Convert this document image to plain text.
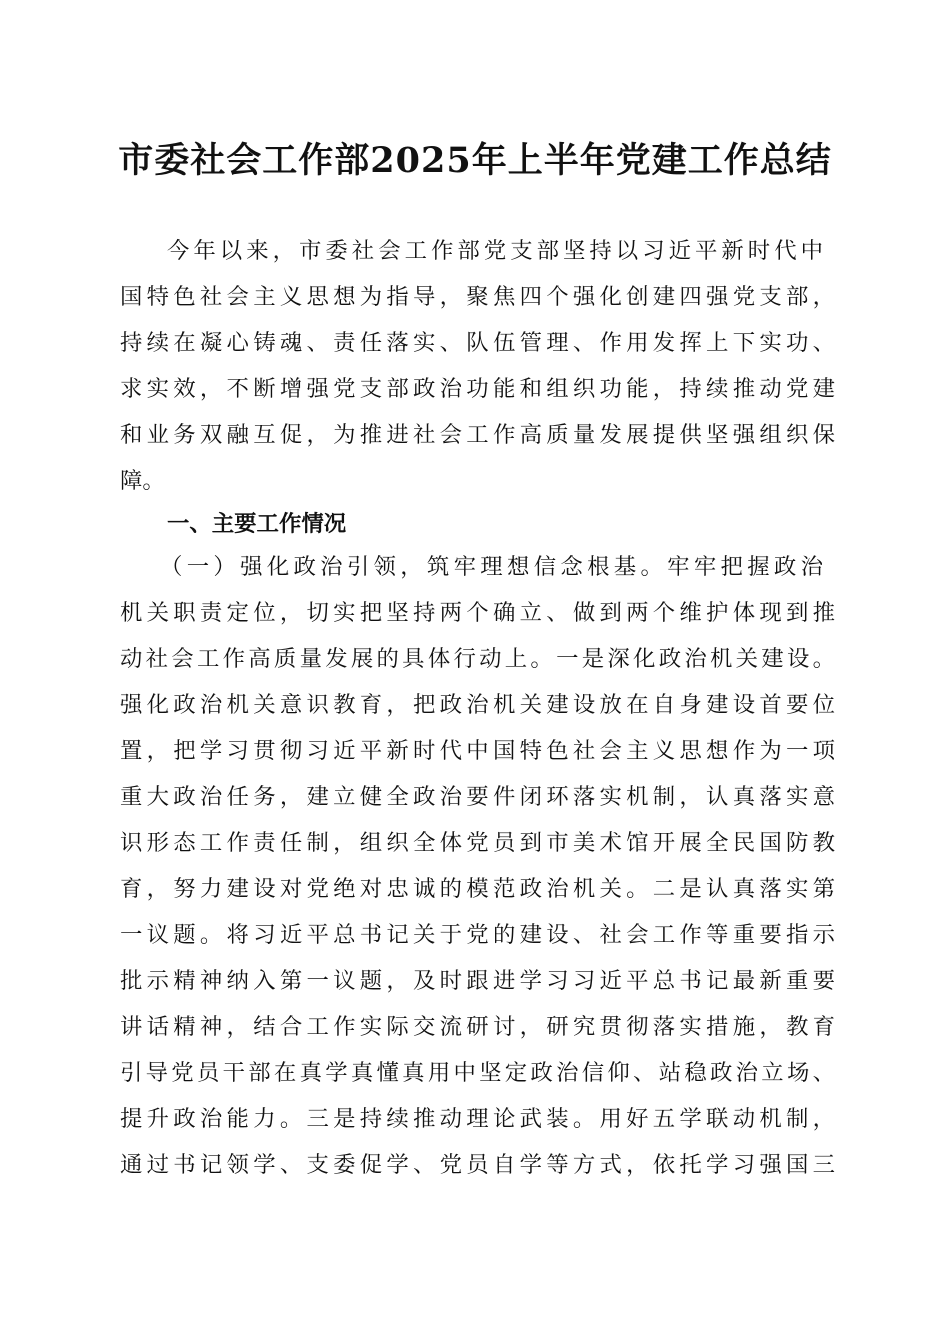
市委社会工作部2025年上半年党建工作总结

今年以来，市委社会工作部党支部坚持以习近平新时代中

国特色社会主义思想为指导，聚焦四个强化创建四强党支部，

持续在凝心铸魂、责任落实、队伍管理、作用发挥上下实功、

求实效，不断增强党支部政治功能和组织功能，持续推动党建

和业务双融互促，为推进社会工作高质量发展提供坚强组织保

障。

一、主要工作情况

（一）强化政治引领，筑牢理想信念根基。牢牢把握政治

机关职责定位，切实把坚持两个确立、做到两个维护体现到推

动社会工作高质量发展的具体行动上。一是深化政治机关建设。

强化政治机关意识教育，把政治机关建设放在自身建设首要位

置，把学习贯彻习近平新时代中国特色社会主义思想作为一项

重大政治任务，建立健全政治要件闭环落实机制，认真落实意

识形态工作责任制，组织全体党员到市美术馆开展全民国防教

育，努力建设对党绝对忠诚的模范政治机关。二是认真落实第

一议题。将习近平总书记关于党的建设、社会工作等重要指示

批示精神纳入第一议题，及时跟进学习习近平总书记最新重要

讲话精神，结合工作实际交流研讨，研究贯彻落实措施，教育

引导党员干部在真学真懂真用中坚定政治信仰、站稳政治立场、

提升政治能力。三是持续推动理论武装。用好五学联动机制，

通过书记领学、支委促学、党员自学等方式，依托学习强国三
